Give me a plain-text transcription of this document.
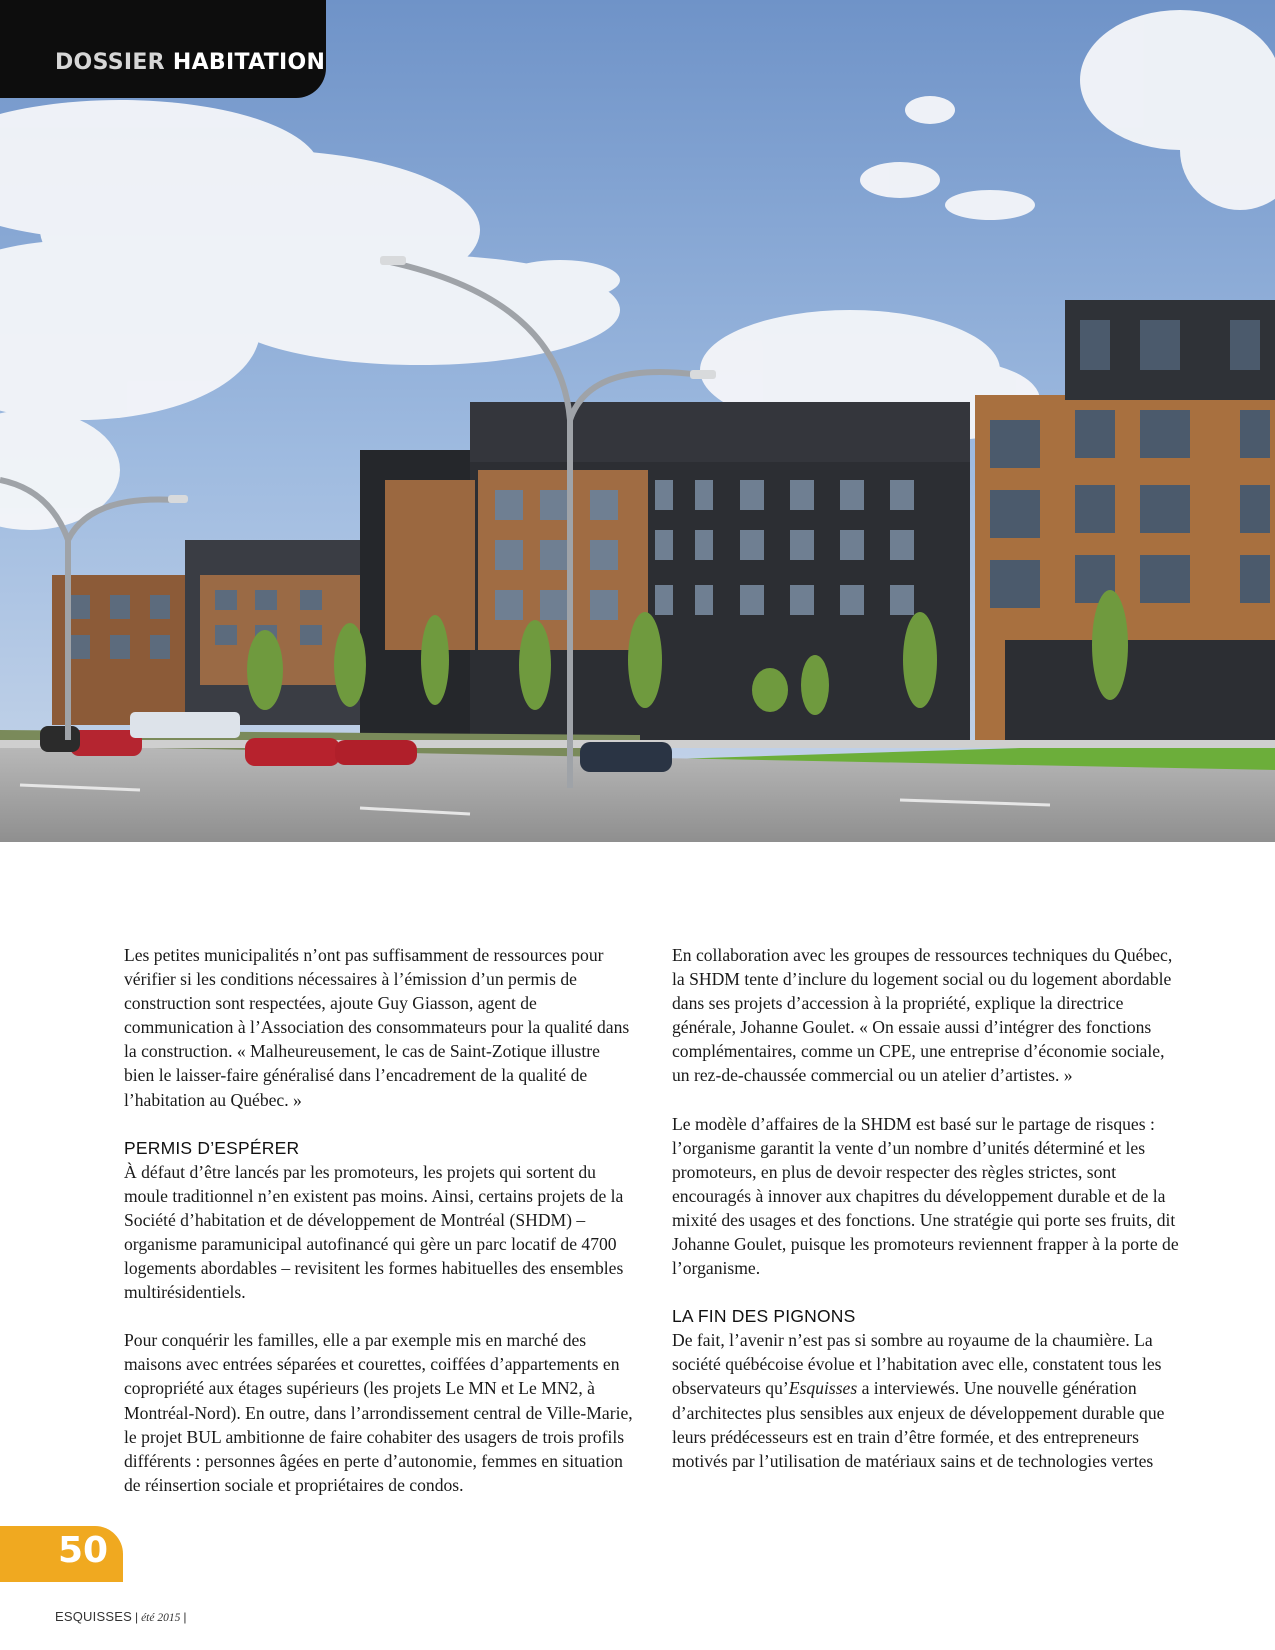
DOSSIER HABITATION

Les petites municipalités n’ont pas suffisamment de ressources pour vérifier si les conditions nécessaires à l’émission d’un permis de construction sont respectées, ajoute Guy Giasson, agent de communication à l’Association des consommateurs pour la qualité dans la construction. « Malheureusement, le cas de Saint-Zotique illustre bien le laisser-faire généralisé dans l’encadrement de la qualité de l’habitation au Québec. »

PERMIS D’ESPÉRER

À défaut d’être lancés par les promoteurs, les projets qui sortent du moule traditionnel n’en existent pas moins. Ainsi, certains projets de la Société d’habitation et de développement de Montréal (SHDM) – organisme paramunicipal autofinancé qui gère un parc locatif de 4700 logements abordables – revisitent les formes habituelles des ensembles multirésidentiels.

Pour conquérir les familles, elle a par exemple mis en marché des maisons avec entrées séparées et courettes, coiffées d’appartements en copropriété aux étages supérieurs (les projets Le MN et Le MN2, à Montréal-Nord). En outre, dans l’arrondissement central de Ville-Marie, le projet BUL ambitionne de faire cohabiter des usagers de trois profils différents : personnes âgées en perte d’autonomie, femmes en situation de réinsertion sociale et propriétaires de condos.

En collaboration avec les groupes de ressources techniques du Québec, la SHDM tente d’inclure du logement social ou du logement abordable dans ses projets d’accession à la propriété, explique la directrice générale, Johanne Goulet. « On essaie aussi d’intégrer des fonctions complémentaires, comme un CPE, une entreprise d’économie sociale, un rez-de-chaussée commercial ou un atelier d’artistes. »

Le modèle d’affaires de la SHDM est basé sur le partage de risques : l’organisme garantit la vente d’un nombre d’unités déterminé et les promoteurs, en plus de devoir respecter des règles strictes, sont encouragés à innover aux chapitres du développement durable et de la mixité des usages et des fonctions. Une stratégie qui porte ses fruits, dit Johanne Goulet, puisque les promoteurs reviennent frapper à la porte de l’organisme.

LA FIN DES PIGNONS

De fait, l’avenir n’est pas si sombre au royaume de la chaumière. La société québécoise évolue et l’habitation avec elle, constatent tous les observateurs qu’Esquisses a interviewés. Une nouvelle génération d’architectes plus sensibles aux enjeux de développement durable que leurs prédécesseurs est en train d’être formée, et des entrepreneurs motivés par l’utilisation de matériaux sains et de technologies vertes

50
ESQUISSES | été 2015 |
